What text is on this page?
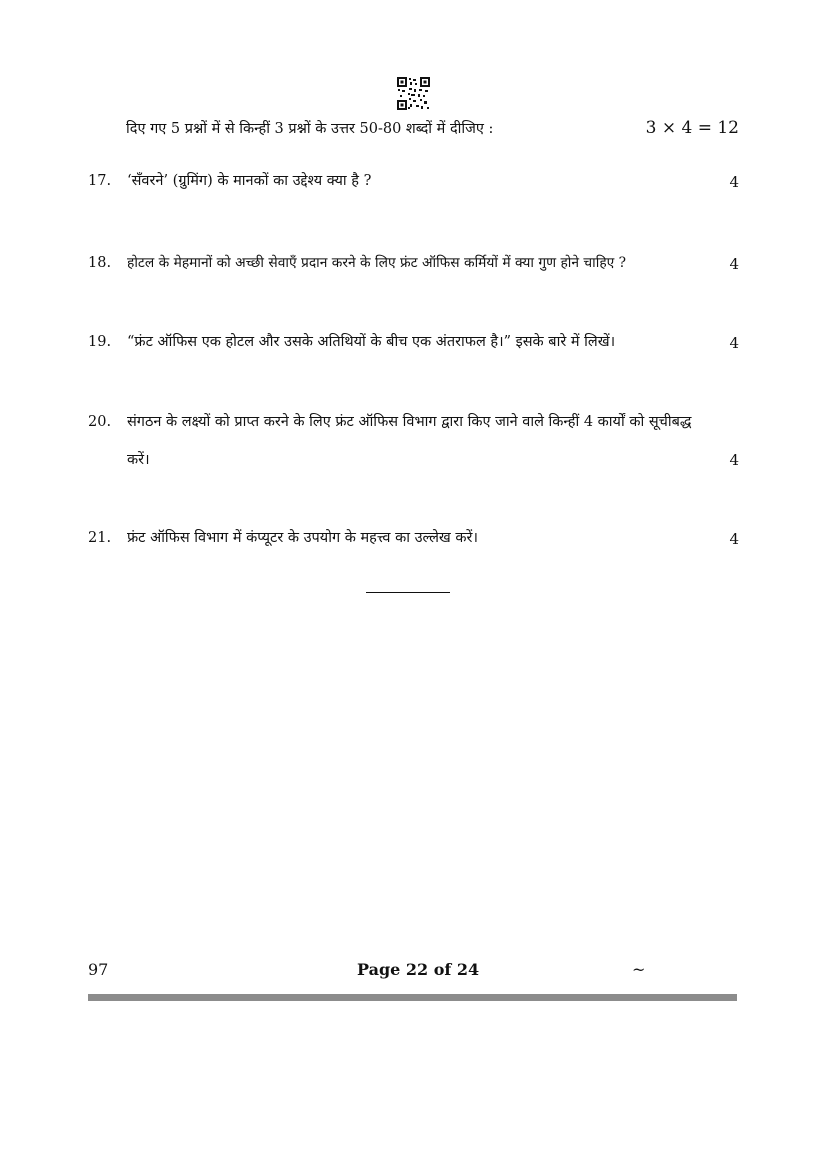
दिए गए 5 प्रश्नों में से किन्हीं 3 प्रश्नों के उत्तर 50-80 शब्दों में दीजिए :	3 × 4 = 12
17. ‘सँवरने’ (ग्रुमिंग) के मानकों का उद्देश्य क्या है ?	4
18. होटल के मेहमानों को अच्छी सेवाएँ प्रदान करने के लिए फ्रंट ऑफिस कर्मियों में क्या गुण होने चाहिए ?	4
19. “फ्रंट ऑफिस एक होटल और उसके अतिथियों के बीच एक अंतराफल है।” इसके बारे में लिखें।	4
20. संगठन के लक्ष्यों को प्राप्त करने के लिए फ्रंट ऑफिस विभाग द्वारा किए जाने वाले किन्हीं 4 कार्यों को सूचीबद्ध करें।	4
21. फ्रंट ऑफिस विभाग में कंप्यूटर के उपयोग के महत्त्व का उल्लेख करें।	4
97	Page 22 of 24	~
